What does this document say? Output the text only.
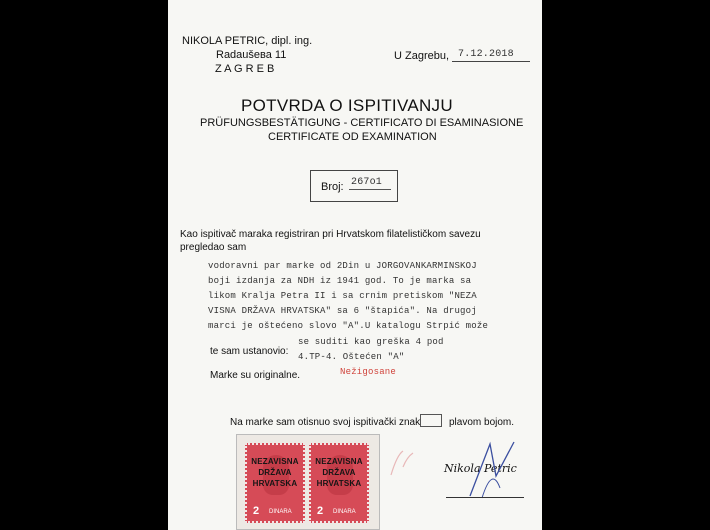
NIKOLA PETRIC, dipl. ing.
Radaušева 11
Z A G R E B
U Zagrebu, 7.12.2018
POTVRDA O ISPITIVANJU
PRÜFUNGSBESTÄTIGUNG - CERTIFICATO DI ESAMINASIONE
CERTIFICATE OD EXAMINATION
Broj: 267o1
Kao ispitivač maraka registriran pri Hrvatskom filatelističkom savezu
pregledao sam
vodoravni par marke od 2Din u JORGOVANKARMINSKOJ
boji izdanja za NDH iz 1941 god. To je marka sa
likom Kralja Petra II i sa crnim pretiskom "NEZA
VISNA DRŽAVA HRVATSKA" sa 6 "štapića". Na drugoj
marci je oštećeno slovo "A".U katalogu Strpić može
te sam ustanovio:
se suditi kao greška 4 pod
4.TP-4. Oštećen "A"
Marke su originalne.	Nežigosane
Na marke sam otisnuo svoj ispitivački znak	plavom bojom.
NEZAVISNA
DRŽAVA
HRVATSKA
2 DINARA
NEZAVISNA
DRŽAVA
HRVATSKA
2 DINARA
Nikola Petric
